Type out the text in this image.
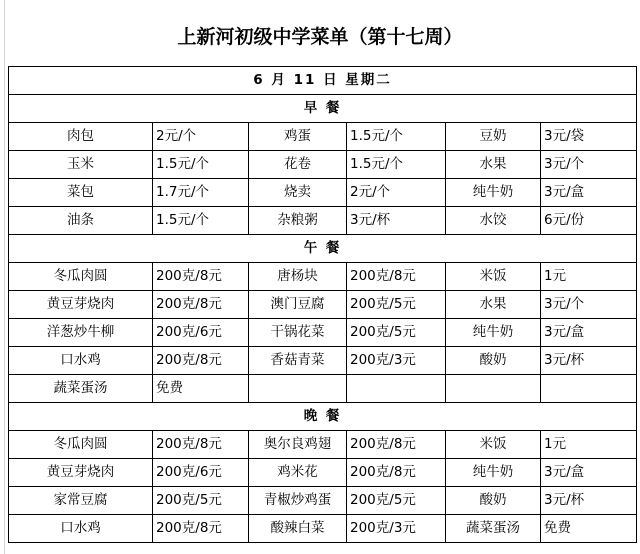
上新河初级中学菜单（第十七周）
6 月 11 日 星期二					
早 餐					
肉包	2元/个	鸡蛋	1.5元/个	豆奶	3元/袋
玉米	1.5元/个	花卷	1.5元/个	水果	3元/个
菜包	1.7元/个	烧卖	2元/个	纯牛奶	3元/盒
油条	1.5元/个	杂粮粥	3元/杯	水饺	6元/份
午 餐					
冬瓜肉圆	200克/8元	唐杨块	200克/8元	米饭	1元
黄豆芽烧肉	200克/8元	澳门豆腐	200克/5元	水果	3元/个
洋葱炒牛柳	200克/6元	干锅花菜	200克/5元	纯牛奶	3元/盒
口水鸡	200克/8元	香菇青菜	200克/3元	酸奶	3元/杯
蔬菜蛋汤	免费				
晚 餐					
冬瓜肉圆	200克/8元	奥尔良鸡翅	200克/8元	米饭	1元
黄豆芽烧肉	200克/6元	鸡米花	200克/8元	纯牛奶	3元/盒
家常豆腐	200克/5元	青椒炒鸡蛋	200克/5元	酸奶	3元/杯
口水鸡	200克/8元	酸辣白菜	200克/3元	蔬菜蛋汤	免费
